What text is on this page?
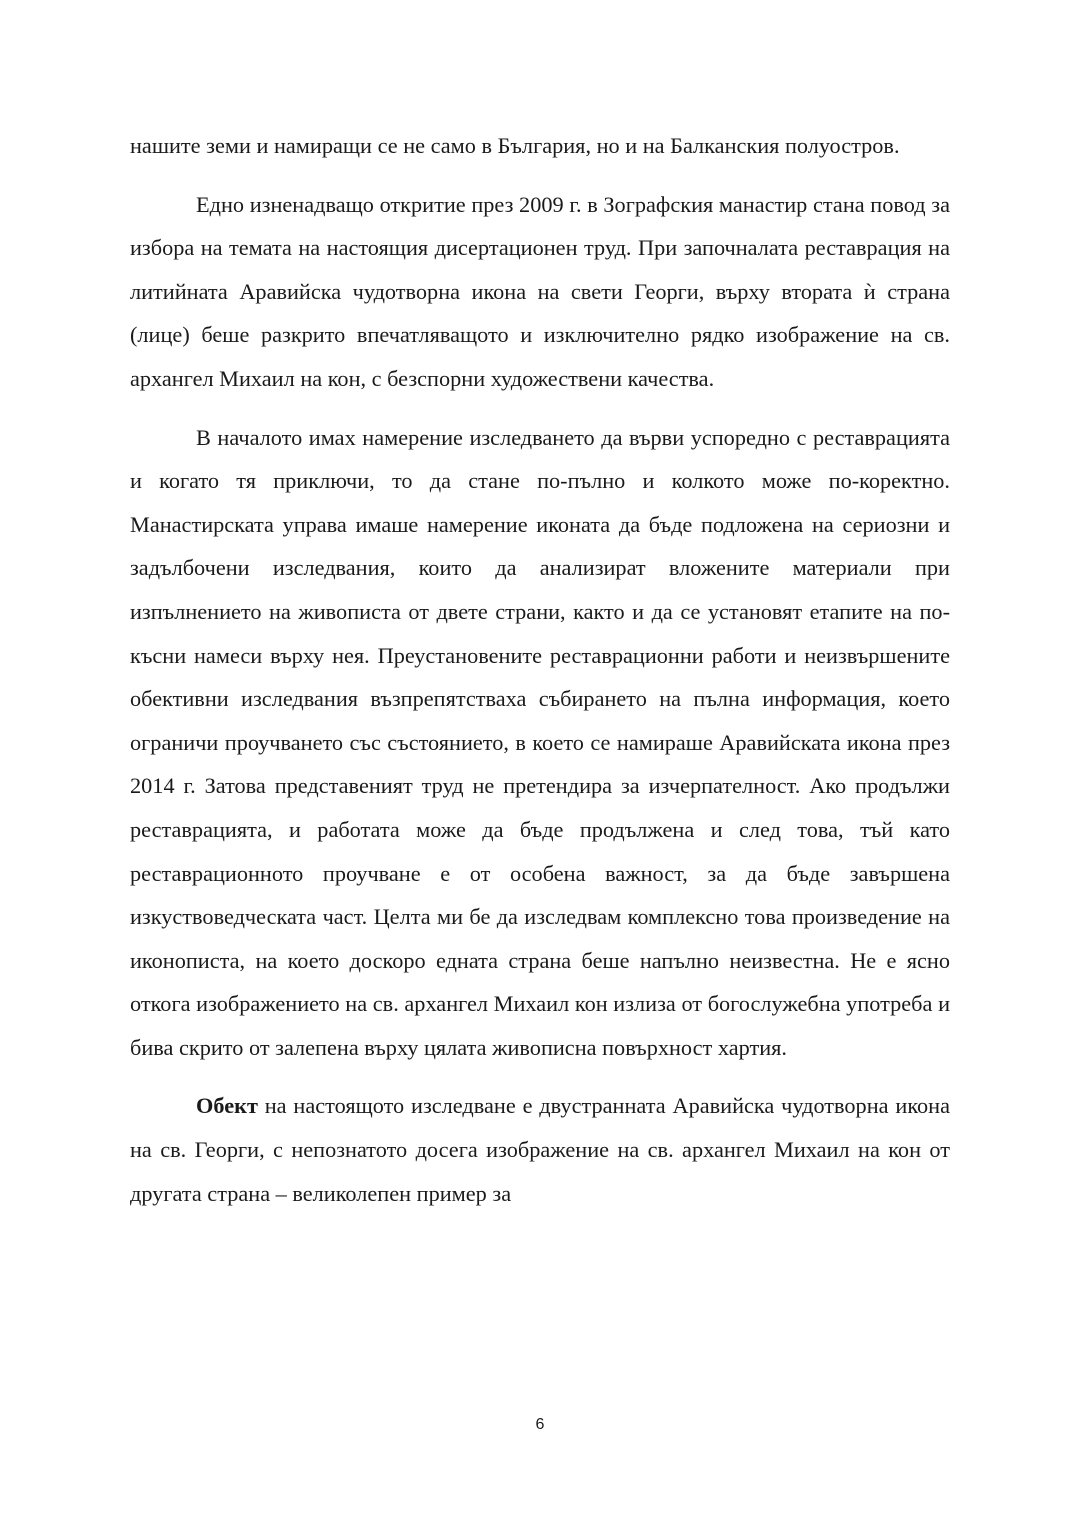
нашите земи и намиращи се не само в България, но и на Балканския полуостров.

Едно изненадващо откритие през 2009 г. в Зографския манастир стана повод за избора на темата на настоящия дисертационен труд. При започналата реставрация на литийната Аравийска чудотворна икона на свети Георги, върху втората ѝ страна (лице) беше разкрито впечатляващото и изключително рядко изображение на св. архангел Михаил на кон, с безспорни художествени качества.

В началото имах намерение изследването да върви успоредно с реставрацията и когато тя приключи, то да стане по-пълно и колкото може по-коректно. Манастирската управа имаше намерение иконата да бъде подложена на сериозни и задълбочени изследвания, които да анализират вложените материали при изпълнението на живописта от двете страни, както и да се установят етапите на по-късни намеси върху нея. Преустановените реставрационни работи и неизвършените обективни изследвания възпрепятстваха събирането на пълна информация, което ограничи проучването със състоянието, в което се намираше Аравийската икона през 2014 г. Затова представеният труд не претендира за изчерпателност. Ако продължи реставрацията, и работата може да бъде продължена и след това, тъй като реставрационното проучване е от особена важност, за да бъде завършена изкуствоведческата част. Целта ми бе да изследвам комплексно това произведение на иконописта, на което доскоро едната страна беше напълно неизвестна. Не е ясно откога изображението на св. архангел Михаил кон излиза от богослужебна употреба и бива скрито от залепена върху цялата живописна повърхност хартия.

Обект на настоящото изследване е двустранната Аравийска чудотворна икона на св. Георги, с непознатото досега изображение на св. архангел Михаил на кон от другата страна – великолепен пример за

6
